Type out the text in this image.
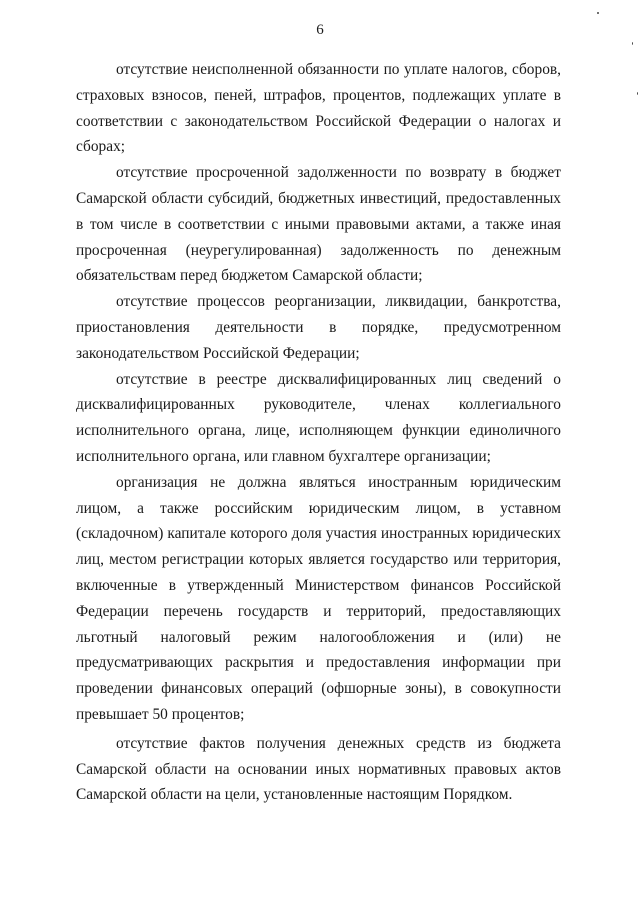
6

отсутствие неисполненной обязанности по уплате налогов, сборов, страховых взносов, пеней, штрафов, процентов, подлежащих уплате в соответствии с законодательством Российской Федерации о налогах и сборах;

отсутствие просроченной задолженности по возврату в бюджет Самарской области субсидий, бюджетных инвестиций, предоставленных в том числе в соответствии с иными правовыми актами, а также иная просроченная (неурегулированная) задолженность по денежным обязательствам перед бюджетом Самарской области;

отсутствие процессов реорганизации, ликвидации, банкротства, приостановления деятельности в порядке, предусмотренном законодательством Российской Федерации;

отсутствие в реестре дисквалифицированных лиц сведений о дисквалифицированных руководителе, членах коллегиального исполнительного органа, лице, исполняющем функции единоличного исполнительного органа, или главном бухгалтере организации;

организация не должна являться иностранным юридическим лицом, а также российским юридическим лицом, в уставном (складочном) капитале которого доля участия иностранных юридических лиц, местом регистрации которых является государство или территория, включенные в утвержденный Министерством финансов Российской Федерации перечень государств и территорий, предоставляющих льготный налоговый режим налогообложения и (или) не предусматривающих раскрытия и предоставления информации при проведении финансовых операций (офшорные зоны), в совокупности превышает 50 процентов;

отсутствие фактов получения денежных средств из бюджета Самарской области на основании иных нормативных правовых актов Самарской области на цели, установленные настоящим Порядком.
